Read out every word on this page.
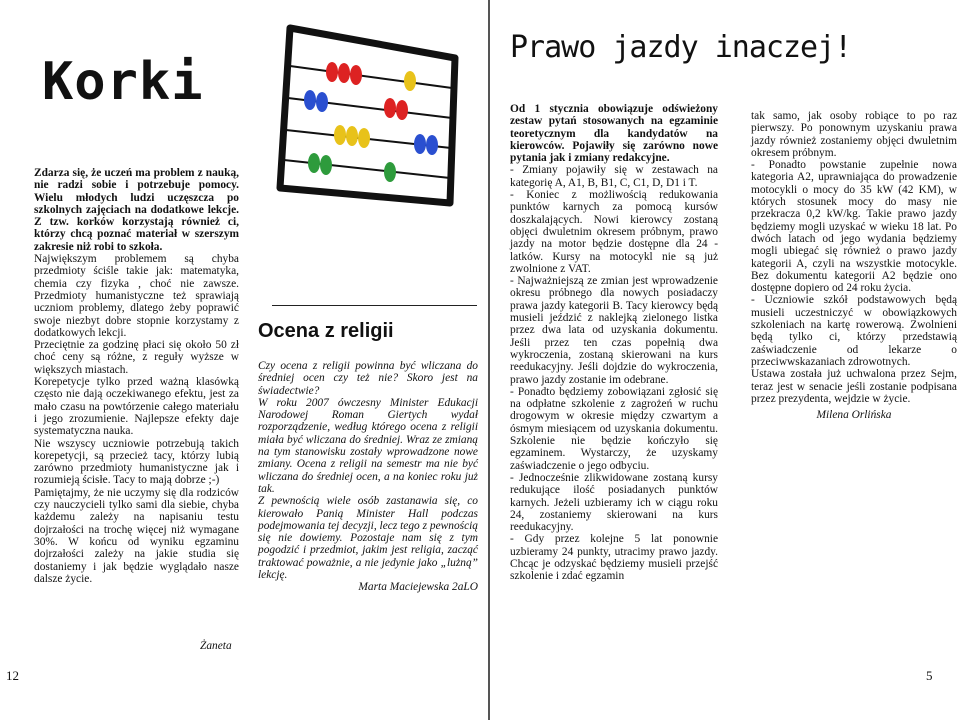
Korki

Zdarza się, że uczeń ma problem z nauką, nie radzi sobie i potrzebuje pomocy. Wielu młodych ludzi uczęszcza po szkolnych zajęciach na dodatkowe lekcje. Z tzw. korków korzystają również ci, którzy chcą poznać materiał w szerszym zakresie niż robi to szkoła.

Największym problemem są chyba przedmioty ściśle takie jak: matematyka, chemia czy fizyka , choć nie zawsze. Przedmioty humanistyczne też sprawiają uczniom problemy, dlatego żeby poprawić swoje niezbyt dobre stopnie korzystamy z dodatkowych lekcji.

Przeciętnie za godzinę płaci się około 50 zł choć ceny są różne, z reguły wyższe w większych miastach.

Korepetycje tylko przed ważną klasówką często nie dają oczekiwanego efektu, jest za mało czasu na powtórzenie całego materiału i jego zrozumienie. Najlepsze efekty daje systematyczna nauka.

Nie wszyscy uczniowie potrzebują takich korepetycji, są przecież tacy, którzy lubią zarówno przedmioty humanistyczne jak i rozumieją ścisłe. Tacy to mają dobrze ;-)

Pamiętajmy, że nie uczymy się dla rodziców czy nauczycieli tylko sami dla siebie, chyba każdemu zależy na napisaniu testu dojrzałości na trochę więcej niż wymagane 30%. W końcu od wyniku egzaminu dojrzałości zależy na jakie studia się dostaniemy i jak będzie wyglądało nasze dalsze życie.

Żaneta
12
Ocena z religii

Czy ocena z religii powinna być wliczana do średniej ocen czy też nie? Skoro jest na świadectwie?

W roku 2007 ówczesny Minister Edukacji Narodowej Roman Giertych wydał rozporządzenie, według którego ocena z religii miała być wliczana do średniej. Wraz ze zmianą na tym stanowisku zostały wprowadzone nowe zmiany. Ocena z religii na semestr ma nie być wliczana do średniej ocen, a na koniec roku już tak.

Z pewnością wiele osób zastanawia się, co kierowało Panią Minister Hall podczas podejmowania tej decyzji, lecz tego z pewnością się nie dowiemy. Pozostaje nam się z tym pogodzić i przedmiot, jakim jest religia, zacząć traktować poważnie, a nie jedynie jako „lużną” lekcję.

Marta Maciejewska 2aLO

Prawo jazdy inaczej!

Od 1 stycznia obowiązuje odświeżony zestaw pytań stosowanych na egzaminie teoretycznym dla kandydatów na kierowców. Pojawiły się zarówno nowe pytania jak i zmiany redakcyjne.

- Zmiany pojawiły się w zestawach na kategorię A, A1, B, B1, C, C1, D, D1 i T.

- Koniec z możliwością redukowania punktów karnych za pomocą kursów doszkalających. Nowi kierowcy zostaną objęci dwuletnim okresem próbnym, prawo jazdy na motor będzie dostępne dla 24 -latków. Kursy na motocykl nie są już zwolnione z VAT.

- Najważniejszą ze zmian jest wprowadzenie okresu próbnego dla nowych posiadaczy prawa jazdy kategorii B. Tacy kierowcy będą musieli jeździć z naklejką zielonego listka przez dwa lata od uzyskania dokumentu. Jeśli przez ten czas popełnią dwa wykroczenia, zostaną skierowani na kurs reedukacyjny. Jeśli dojdzie do wykroczenia, prawo jazdy zostanie im odebrane.

- Ponadto będziemy zobowiązani zgłosić się na odpłatne szkolenie z zagrożeń w ruchu drogowym w okresie między czwartym a ósmym miesiącem od uzyskania dokumentu. Szkolenie nie będzie kończyło się egzaminem. Wystarczy, że uzyskamy zaświadczenie o jego odbyciu.

- Jednocześnie zlikwidowane zostaną kursy redukujące ilość posiadanych punktów karnych. Jeżeli uzbieramy ich w ciągu roku 24, zostaniemy skierowani na kurs reedukacyjny.

- Gdy przez kolejne 5 lat ponownie uzbieramy 24 punkty, utracimy prawo jazdy. Chcąc je odzyskać będziemy musieli przejść szkolenie i zdać egzamin

tak samo, jak osoby robiące to po raz pierwszy. Po ponownym uzyskaniu prawa jazdy również zostaniemy objęci dwuletnim okresem próbnym.

- Ponadto powstanie zupełnie nowa kategoria A2, uprawniająca do prowadzenie motocykli o mocy do 35 kW (42 KM), w których stosunek mocy do masy nie przekracza 0,2 kW/kg. Takie prawo jazdy będziemy mogli uzyskać w wieku 18 lat. Po dwóch latach od jego wydania będziemy mogli ubiegać się również o prawo jazdy kategorii A, czyli na wszystkie motocykle. Bez dokumentu kategorii A2 będzie ono dostępne dopiero od 24 roku życia.

- Uczniowie szkół podstawowych będą musieli uczestniczyć w obowiązkowych szkoleniach na kartę rowerową. Zwolnieni będą tylko ci, którzy przedstawią zaświadczenie od lekarze o przeciwwskazaniach zdrowotnych.

Ustawa została już uchwalona przez Sejm, teraz jest w senacie jeśli zostanie podpisana przez prezydenta, wejdzie w życie.

Milena Orlińska

5
